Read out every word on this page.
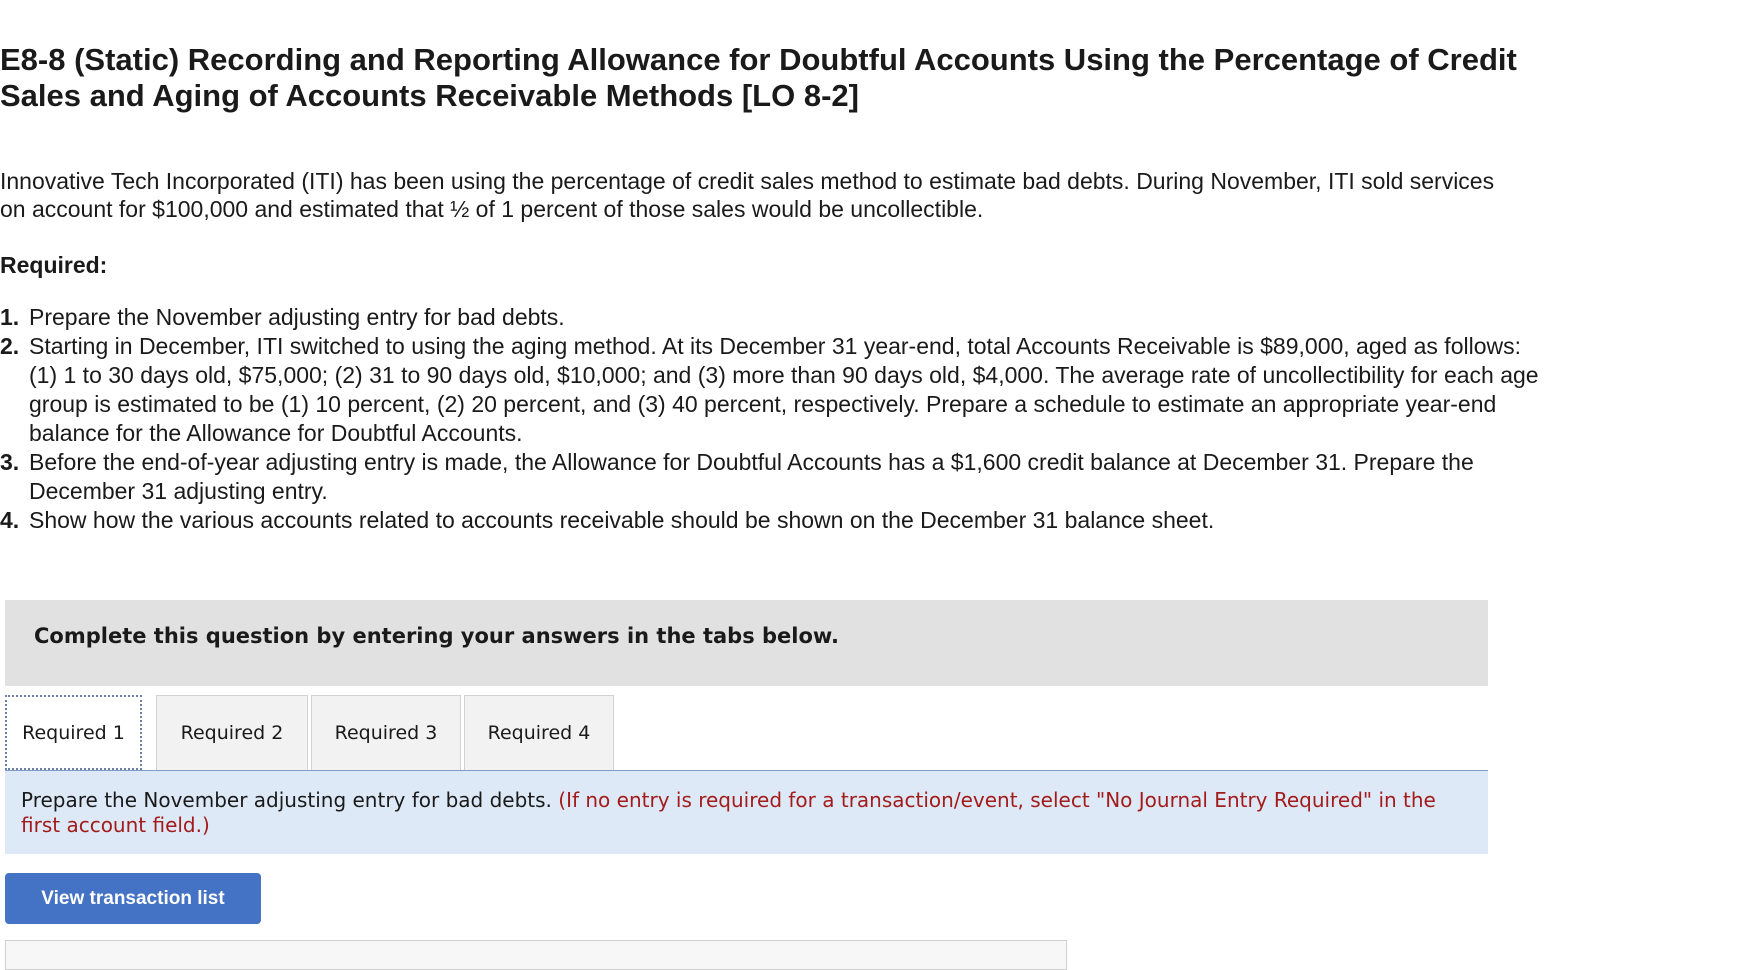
E8-8 (Static) Recording and Reporting Allowance for Doubtful Accounts Using the Percentage of Credit Sales and Aging of Accounts Receivable Methods [LO 8-2]

Innovative Tech Incorporated (ITI) has been using the percentage of credit sales method to estimate bad debts. During November, ITI sold services on account for $100,000 and estimated that ½ of 1 percent of those sales would be uncollectible.

Required:

1. Prepare the November adjusting entry for bad debts.
2. Starting in December, ITI switched to using the aging method. At its December 31 year-end, total Accounts Receivable is $89,000, aged as follows: (1) 1 to 30 days old, $75,000; (2) 31 to 90 days old, $10,000; and (3) more than 90 days old, $4,000. The average rate of uncollectibility for each age group is estimated to be (1) 10 percent, (2) 20 percent, and (3) 40 percent, respectively. Prepare a schedule to estimate an appropriate year-end balance for the Allowance for Doubtful Accounts.
3. Before the end-of-year adjusting entry is made, the Allowance for Doubtful Accounts has a $1,600 credit balance at December 31. Prepare the December 31 adjusting entry.
4. Show how the various accounts related to accounts receivable should be shown on the December 31 balance sheet.
Complete this question by entering your answers in the tabs below.
Required 1	Required 2	Required 3	Required 4
Prepare the November adjusting entry for bad debts. (If no entry is required for a transaction/event, select "No Journal Entry Required" in the first account field.)
View transaction list
